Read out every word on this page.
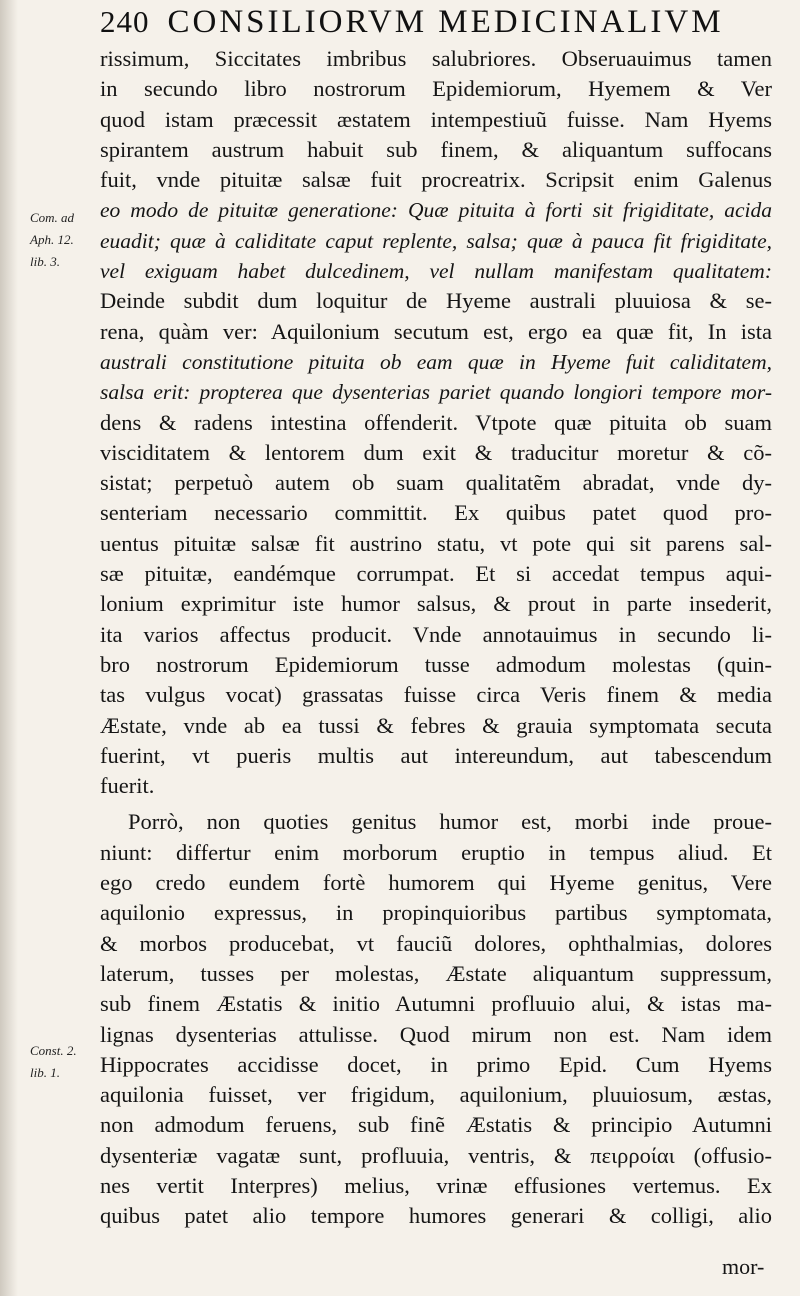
240 CONSILIORVM MEDICINALIVM
Com. ad
Aph. 12.
lib. 3.
Const. 2.
lib. 1.
rissimum, Siccitates imbribus salubriores. Obseruauimus tamen
in secundo libro nostrorum Epidemiorum, Hyemem & Ver
quod istam præcessit æstatem intempestiuũ fuisse. Nam Hyems
spirantem austrum habuit sub finem, & aliquantum suffocans
fuit, vnde pituitæ salsæ fuit procreatrix. Scripsit enim Galenus
eo modo de pituitæ generatione: Quæ pituita à forti sit frigiditate, acida
euadit; quæ à caliditate caput replente, salsa; quæ à pauca fit frigiditate,
vel exiguam habet dulcedinem, vel nullam manifestam qualitatem:
Deinde subdit dum loquitur de Hyeme australi pluuiosa & se-
rena, quàm ver: Aquilonium secutum est, ergo ea quæ fit, In ista
australi constitutione pituita ob eam quæ in Hyeme fuit caliditatem,
salsa erit: propterea que dysenterias pariet quando longiori tempore mor-
dens & radens intestina offenderit. Vtpote quæ pituita ob suam
visciditatem & lentorem dum exit & traducitur moretur & cõ-
sistat; perpetuò autem ob suam qualitatẽm abradat, vnde dy-
senteriam necessario committit. Ex quibus patet quod pro-
uentus pituitæ salsæ fit austrino statu, vt pote qui sit parens sal-
sæ pituitæ, eandémque corrumpat. Et si accedat tempus aqui-
lonium exprimitur iste humor salsus, & prout in parte insederit,
ita varios affectus producit. Vnde annotauimus in secundo li-
bro nostrorum Epidemiorum tusse admodum molestas (quin-
tas vulgus vocat) grassatas fuisse circa Veris finem & media
Æstate, vnde ab ea tussi & febres & grauia symptomata secuta
fuerint, vt pueris multis aut intereundum, aut tabescendum
fuerit.
Porrò, non quoties genitus humor est, morbi inde proue-
niunt: differtur enim morborum eruptio in tempus aliud. Et
ego credo eundem fortè humorem qui Hyeme genitus, Vere
aquilonio expressus, in propinquioribus partibus symptomata,
& morbos producebat, vt fauciũ dolores, ophthalmias, dolores
laterum, tusses per molestas, Æstate aliquantum suppressum,
sub finem Æstatis & initio Autumni profluuio alui, & istas ma-
lignas dysenterias attulisse. Quod mirum non est. Nam idem
Hippocrates accidisse docet, in primo Epid. Cum Hyems
aquilonia fuisset, ver frigidum, aquilonium, pluuiosum, æstas,
non admodum feruens, sub finẽ Æstatis & principio Autumni
dysenteriæ vagatæ sunt, profluuia, ventris, & πειρροίαι (offusio-
nes vertit Interpres) melius, vrinæ effusiones vertemus. Ex
quibus patet alio tempore humores generari & colligi, alio
mor-
